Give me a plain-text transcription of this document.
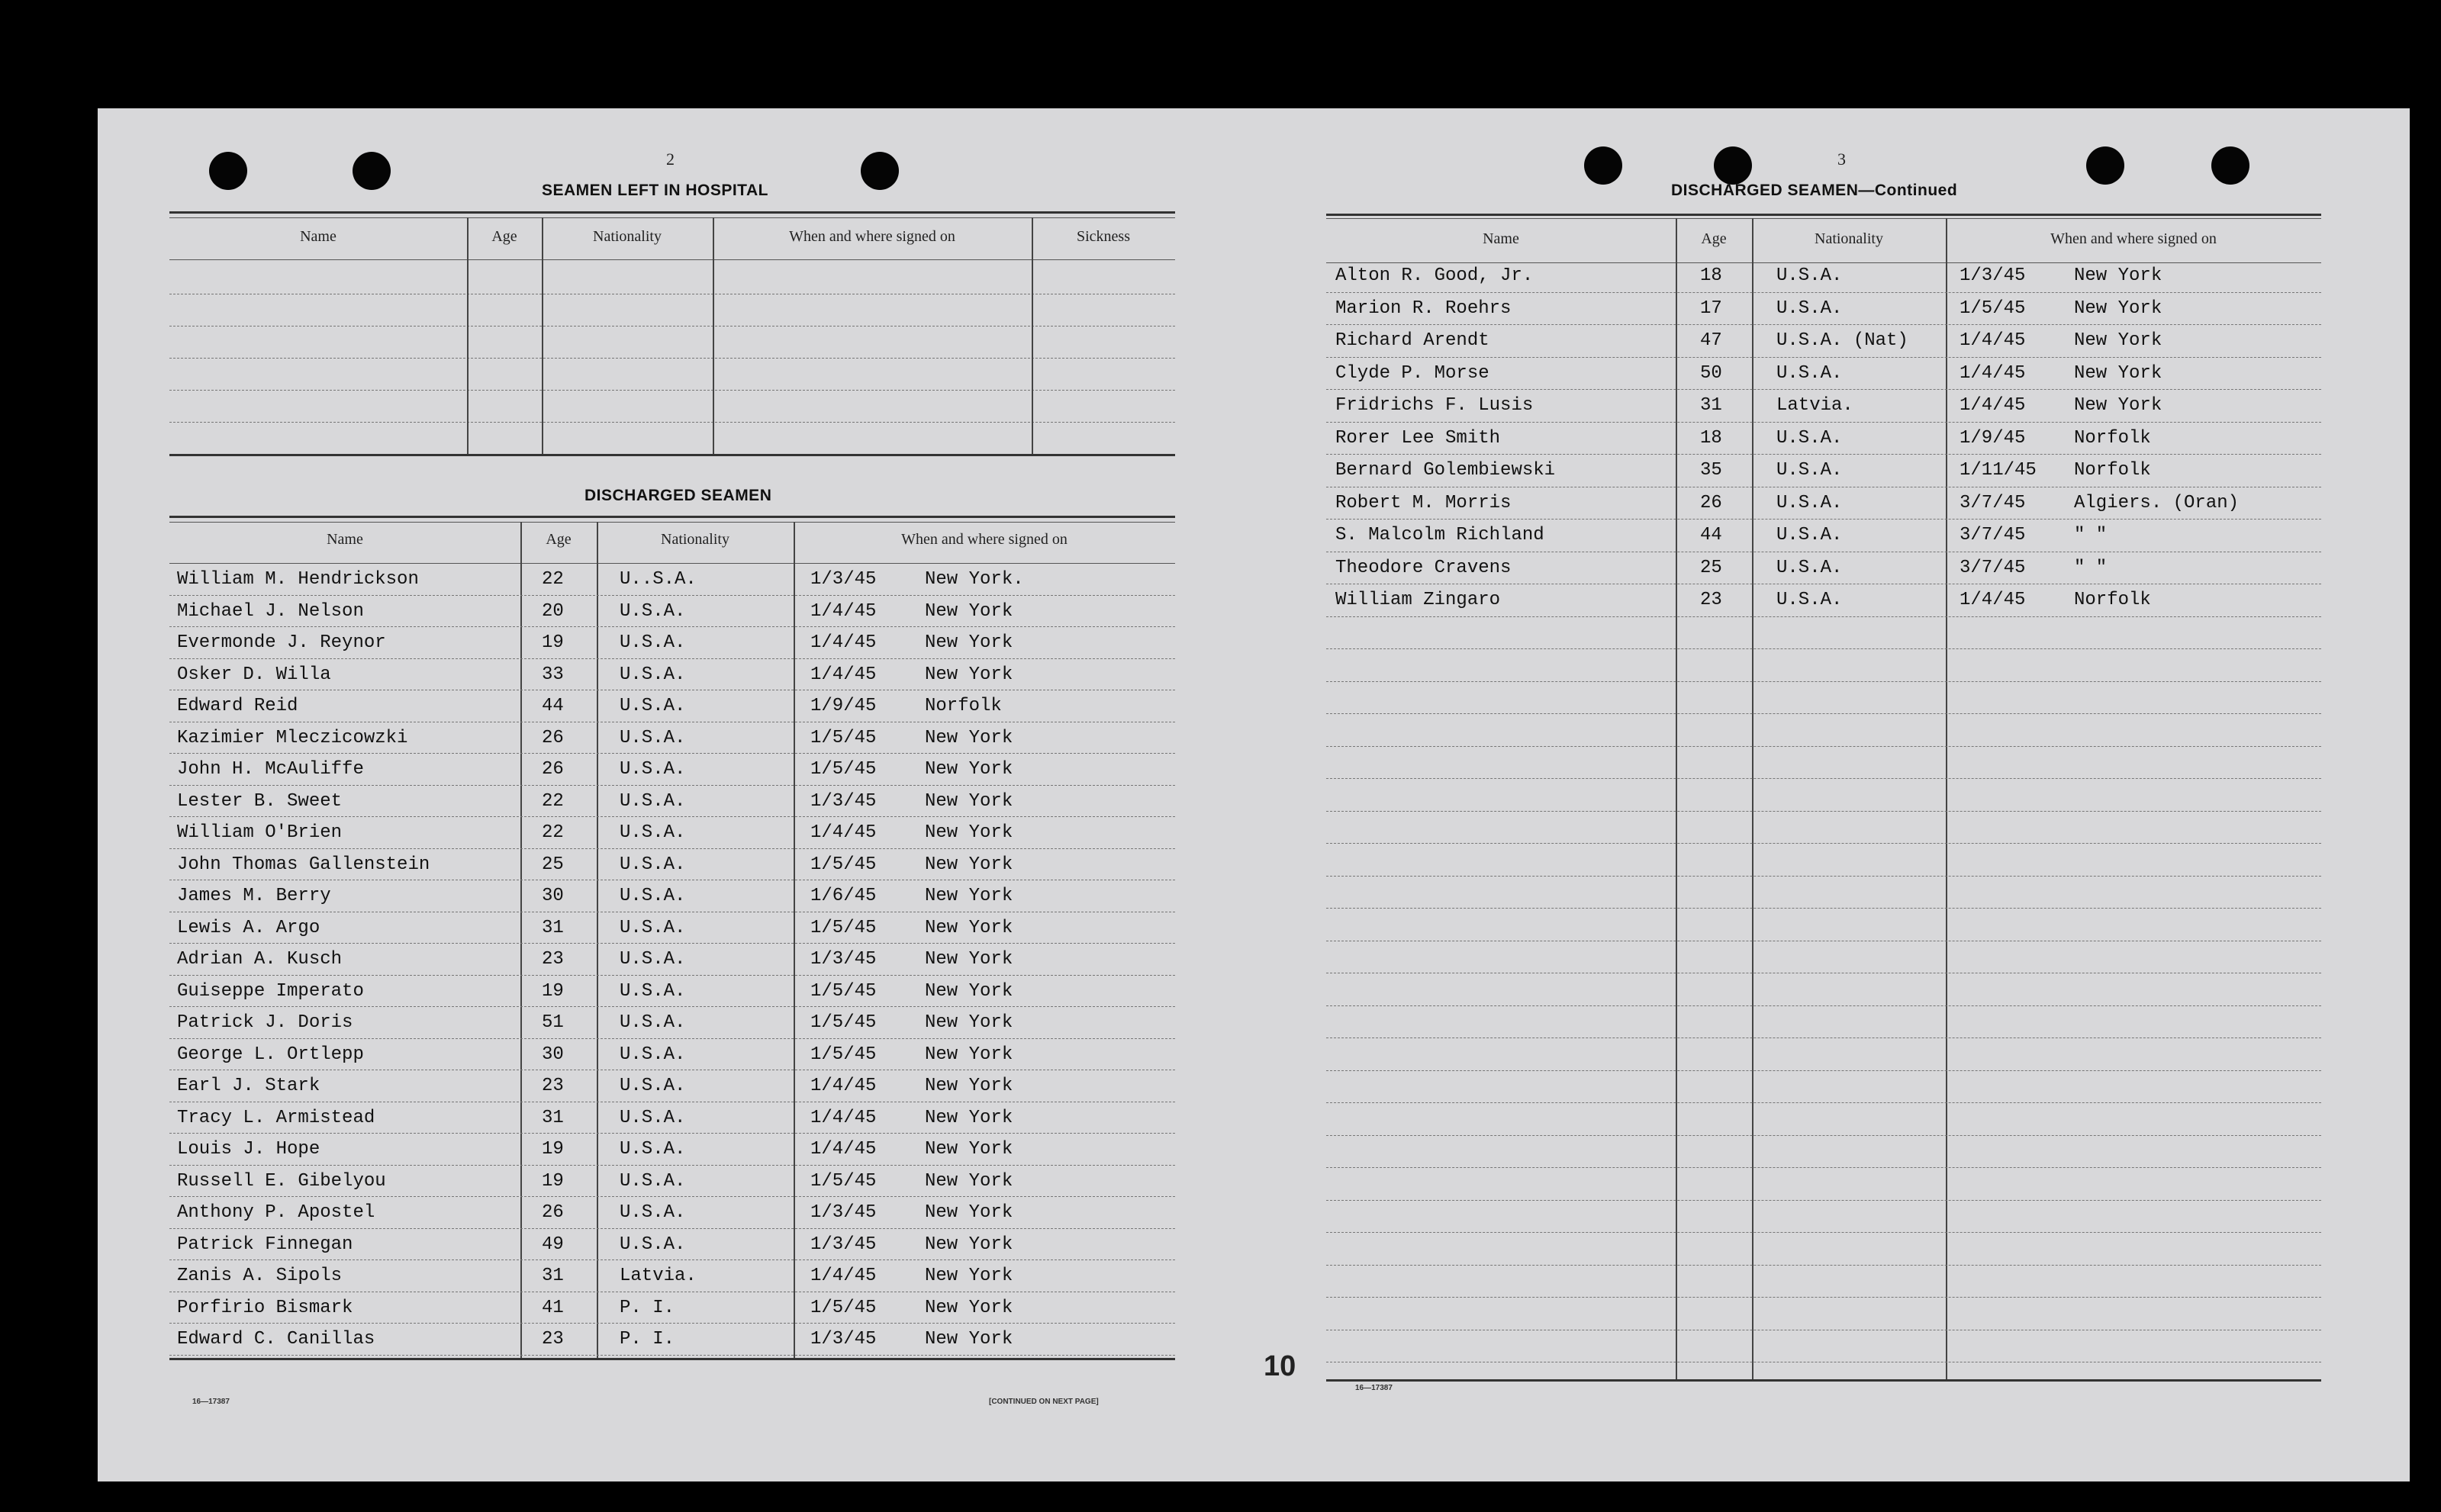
2
SEAMEN LEFT IN HOSPITAL
Name	Age	Nationality	When and where signed on	Sickness
DISCHARGED SEAMEN
Name	Age	Nationality	When and where signed on
William M. Hendrickson	22	U..S.A.	1/3/45	New York.
Michael J. Nelson	20	U.S.A.	1/4/45	New York
Evermonde J. Reynor	19	U.S.A.	1/4/45	New York
Osker D. Willa	33	U.S.A.	1/4/45	New York
Edward Reid	44	U.S.A.	1/9/45	Norfolk
Kazimier Mleczicowzki	26	U.S.A.	1/5/45	New York
John H. McAuliffe	26	U.S.A.	1/5/45	New York
Lester B. Sweet	22	U.S.A.	1/3/45	New York
William O'Brien	22	U.S.A.	1/4/45	New York
John Thomas Gallenstein	25	U.S.A.	1/5/45	New York
James M. Berry	30	U.S.A.	1/6/45	New York
Lewis A. Argo	31	U.S.A.	1/5/45	New York
Adrian A. Kusch	23	U.S.A.	1/3/45	New York
Guiseppe Imperato	19	U.S.A.	1/5/45	New York
Patrick J. Doris	51	U.S.A.	1/5/45	New York
George L. Ortlepp	30	U.S.A.	1/5/45	New York
Earl J. Stark	23	U.S.A.	1/4/45	New York
Tracy L. Armistead	31	U.S.A.	1/4/45	New York
Louis J. Hope	19	U.S.A.	1/4/45	New York
Russell E. Gibelyou	19	U.S.A.	1/5/45	New York
Anthony P. Apostel	26	U.S.A.	1/3/45	New York
Patrick Finnegan	49	U.S.A.	1/3/45	New York
Zanis A. Sipols	31	Latvia.	1/4/45	New York
Porfirio Bismark	41	P. I.	1/5/45	New York
Edward C. Canillas	23	P. I.	1/3/45	New York
16—17387	[CONTINUED ON NEXT PAGE]
3
DISCHARGED SEAMEN—Continued
Name	Age	Nationality	When and where signed on
Alton R. Good, Jr.	18	U.S.A.	1/3/45	New York
Marion R. Roehrs	17	U.S.A.	1/5/45	New York
Richard Arendt	47	U.S.A. (Nat)	1/4/45	New York
Clyde P. Morse	50	U.S.A.	1/4/45	New York
Fridrichs F. Lusis	31	Latvia.	1/4/45	New York
Rorer Lee Smith	18	U.S.A.	1/9/45	Norfolk
Bernard Golembiewski	35	U.S.A.	1/11/45 Norfolk
Robert M. Morris	26	U.S.A.	3/7/45	Algiers. (Oran)
S. Malcolm Richland	44	U.S.A.	3/7/45	" "
Theodore Cravens	25	U.S.A.	3/7/45	" "
William Zingaro	23	U.S.A.	1/4/45	Norfolk
10
16—17387
